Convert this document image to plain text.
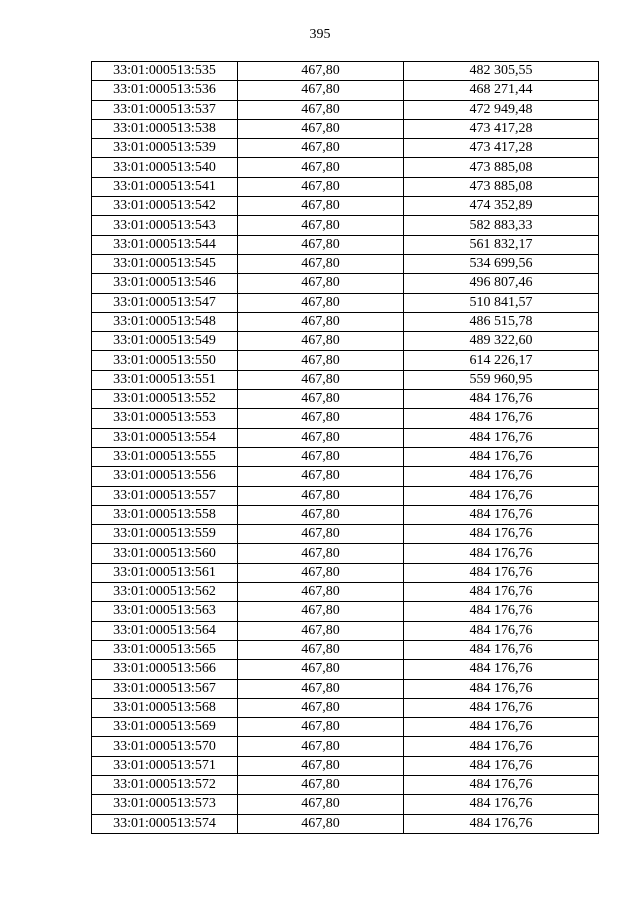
395
33:01:000513:535	467,80	482 305,55
33:01:000513:536	467,80	468 271,44
33:01:000513:537	467,80	472 949,48
33:01:000513:538	467,80	473 417,28
33:01:000513:539	467,80	473 417,28
33:01:000513:540	467,80	473 885,08
33:01:000513:541	467,80	473 885,08
33:01:000513:542	467,80	474 352,89
33:01:000513:543	467,80	582 883,33
33:01:000513:544	467,80	561 832,17
33:01:000513:545	467,80	534 699,56
33:01:000513:546	467,80	496 807,46
33:01:000513:547	467,80	510 841,57
33:01:000513:548	467,80	486 515,78
33:01:000513:549	467,80	489 322,60
33:01:000513:550	467,80	614 226,17
33:01:000513:551	467,80	559 960,95
33:01:000513:552	467,80	484 176,76
33:01:000513:553	467,80	484 176,76
33:01:000513:554	467,80	484 176,76
33:01:000513:555	467,80	484 176,76
33:01:000513:556	467,80	484 176,76
33:01:000513:557	467,80	484 176,76
33:01:000513:558	467,80	484 176,76
33:01:000513:559	467,80	484 176,76
33:01:000513:560	467,80	484 176,76
33:01:000513:561	467,80	484 176,76
33:01:000513:562	467,80	484 176,76
33:01:000513:563	467,80	484 176,76
33:01:000513:564	467,80	484 176,76
33:01:000513:565	467,80	484 176,76
33:01:000513:566	467,80	484 176,76
33:01:000513:567	467,80	484 176,76
33:01:000513:568	467,80	484 176,76
33:01:000513:569	467,80	484 176,76
33:01:000513:570	467,80	484 176,76
33:01:000513:571	467,80	484 176,76
33:01:000513:572	467,80	484 176,76
33:01:000513:573	467,80	484 176,76
33:01:000513:574	467,80	484 176,76
